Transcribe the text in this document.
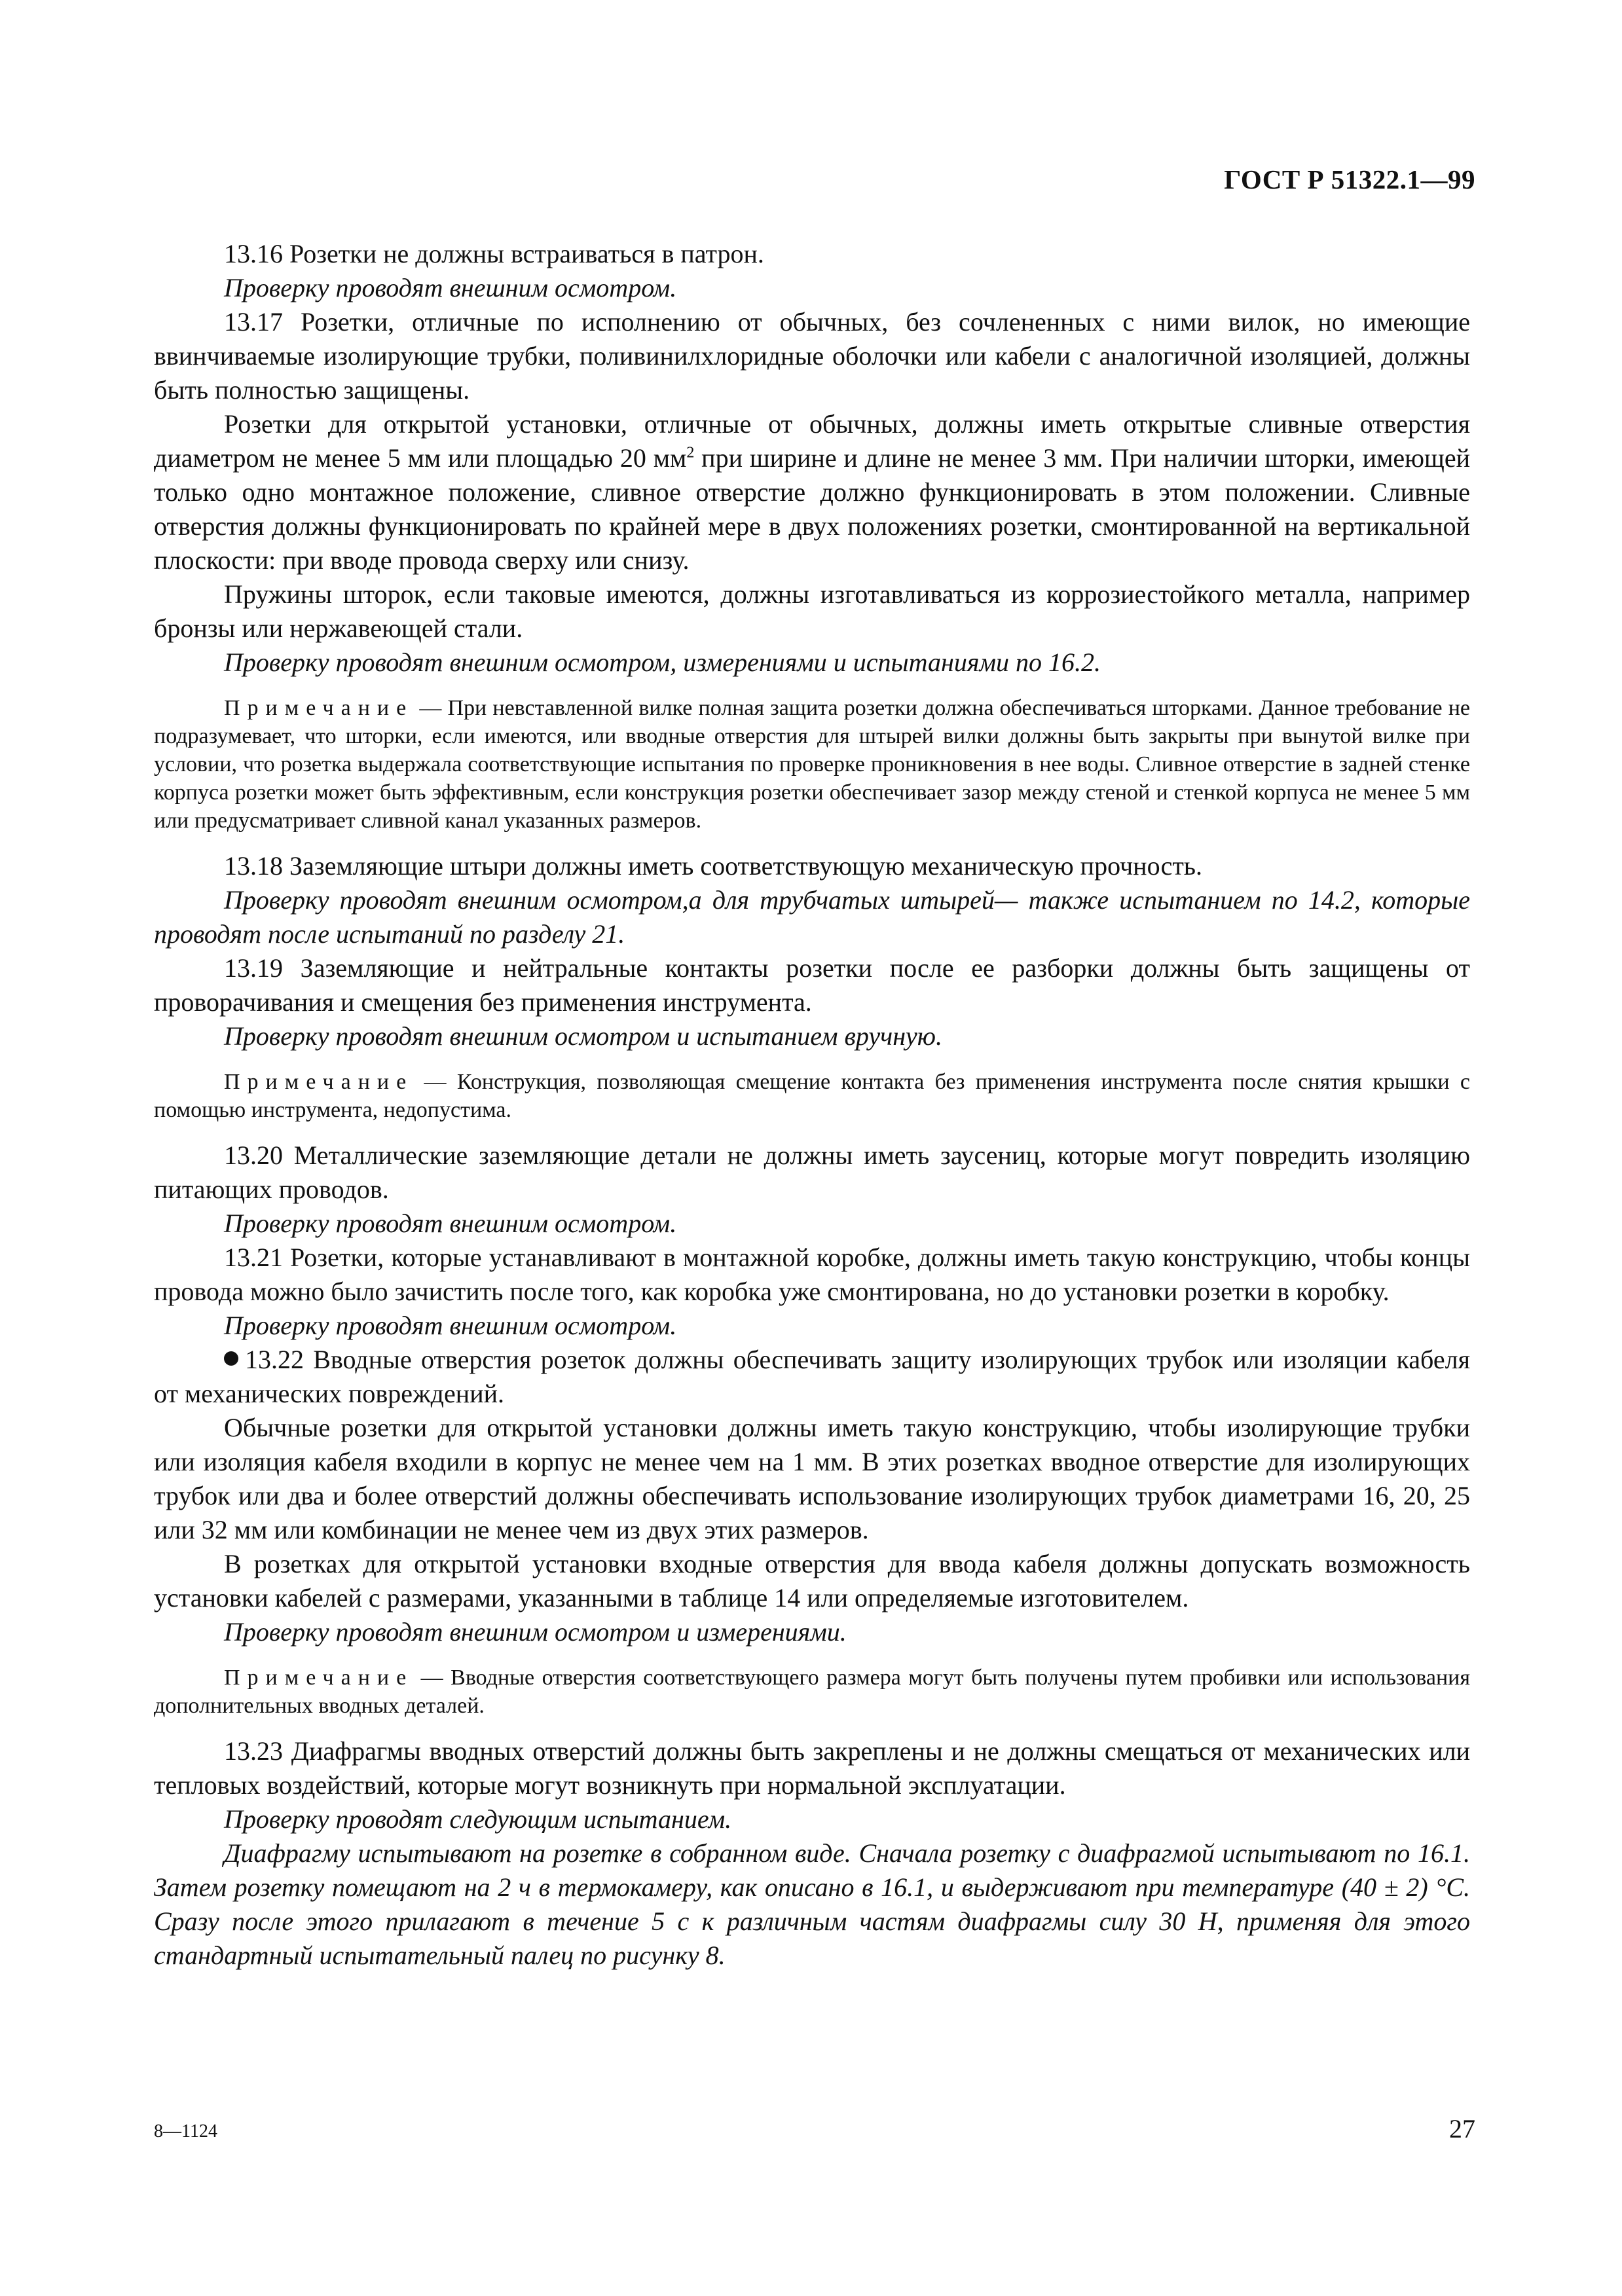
ГОСТ Р 51322.1—99

13.16 Розетки не должны встраиваться в патрон.

Проверку проводят внешним осмотром.

13.17 Розетки, отличные по исполнению от обычных, без сочлененных с ними вилок, но имеющие ввинчиваемые изолирующие трубки, поливинилхлоридные оболочки или кабели с аналогичной изоляцией, должны быть полностью защищены.

Розетки для открытой установки, отличные от обычных, должны иметь открытые сливные отверстия диаметром не менее 5 мм или площадью 20 $мм^2$ при ширине и длине не менее 3 мм. При наличии шторки, имеющей только одно монтажное положение, сливное отверстие должно функционировать в этом положении. Сливные отверстия должны функционировать по крайней мере в двух положениях розетки, смонтированной на вертикальной плоскости: при вводе провода сверху или снизу.

Пружины шторок, если таковые имеются, должны изготавливаться из коррозиестойкого металла, например бронзы или нержавеющей стали.

Проверку проводят внешним осмотром, измерениями и испытаниями по 16.2.

Примечание — При невставленной вилке полная защита розетки должна обеспечиваться шторками. Данное требование не подразумевает, что шторки, если имеются, или вводные отверстия для штырей вилки должны быть закрыты при вынутой вилке при условии, что розетка выдержала соответствующие испытания по проверке проникновения в нее воды. Сливное отверстие в задней стенке корпуса розетки может быть эффективным, если конструкция розетки обеспечивает зазор между стеной и стенкой корпуса не менее 5 мм или предусматривает сливной канал указанных размеров.

13.18 Заземляющие штыри должны иметь соответствующую механическую прочность.

Проверку проводят внешним осмотром,а для трубчатых штырей— также испытанием по 14.2, которые проводят после испытаний по разделу 21.

13.19 Заземляющие и нейтральные контакты розетки после ее разборки должны быть защищены от проворачивания и смещения без применения инструмента.

Проверку проводят внешним осмотром и испытанием вручную.

Примечание — Конструкция, позволяющая смещение контакта без применения инструмента после снятия крышки с помощью инструмента, недопустима.

13.20 Металлические заземляющие детали не должны иметь заусениц, которые могут повредить изоляцию питающих проводов.

Проверку проводят внешним осмотром.

13.21 Розетки, которые устанавливают в монтажной коробке, должны иметь такую конструкцию, чтобы концы провода можно было зачистить после того, как коробка уже смонтирована, но до установки розетки в коробку.

Проверку проводят внешним осмотром.

13.22 Вводные отверстия розеток должны обеспечивать защиту изолирующих трубок или изоляции кабеля от механических повреждений.

Обычные розетки для открытой установки должны иметь такую конструкцию, чтобы изолирующие трубки или изоляция кабеля входили в корпус не менее чем на 1 мм. В этих розетках вводное отверстие для изолирующих трубок или два и более отверстий должны обеспечивать использование изолирующих трубок диаметрами 16, 20, 25 или 32 мм или комбинации не менее чем из двух этих размеров.

В розетках для открытой установки входные отверстия для ввода кабеля должны допускать возможность установки кабелей с размерами, указанными в таблице 14 или определяемые изготовителем.

Проверку проводят внешним осмотром и измерениями.

Примечание — Вводные отверстия соответствующего размера могут быть получены путем пробивки или использования дополнительных вводных деталей.

13.23 Диафрагмы вводных отверстий должны быть закреплены и не должны смещаться от механических или тепловых воздействий, которые могут возникнуть при нормальной эксплуатации.

Проверку проводят следующим испытанием.

Диафрагму испытывают на розетке в собранном виде. Сначала розетку с диафрагмой испытывают по 16.1. Затем розетку помещают на 2 ч в термокамеру, как описано в 16.1, и выдерживают при температуре (40 ± 2) °C. Сразу после этого прилагают в течение 5 с к различным частям диафрагмы силу 30 Н, применяя для этого стандартный испытательный палец по рисунку 8.

8—1124	27
